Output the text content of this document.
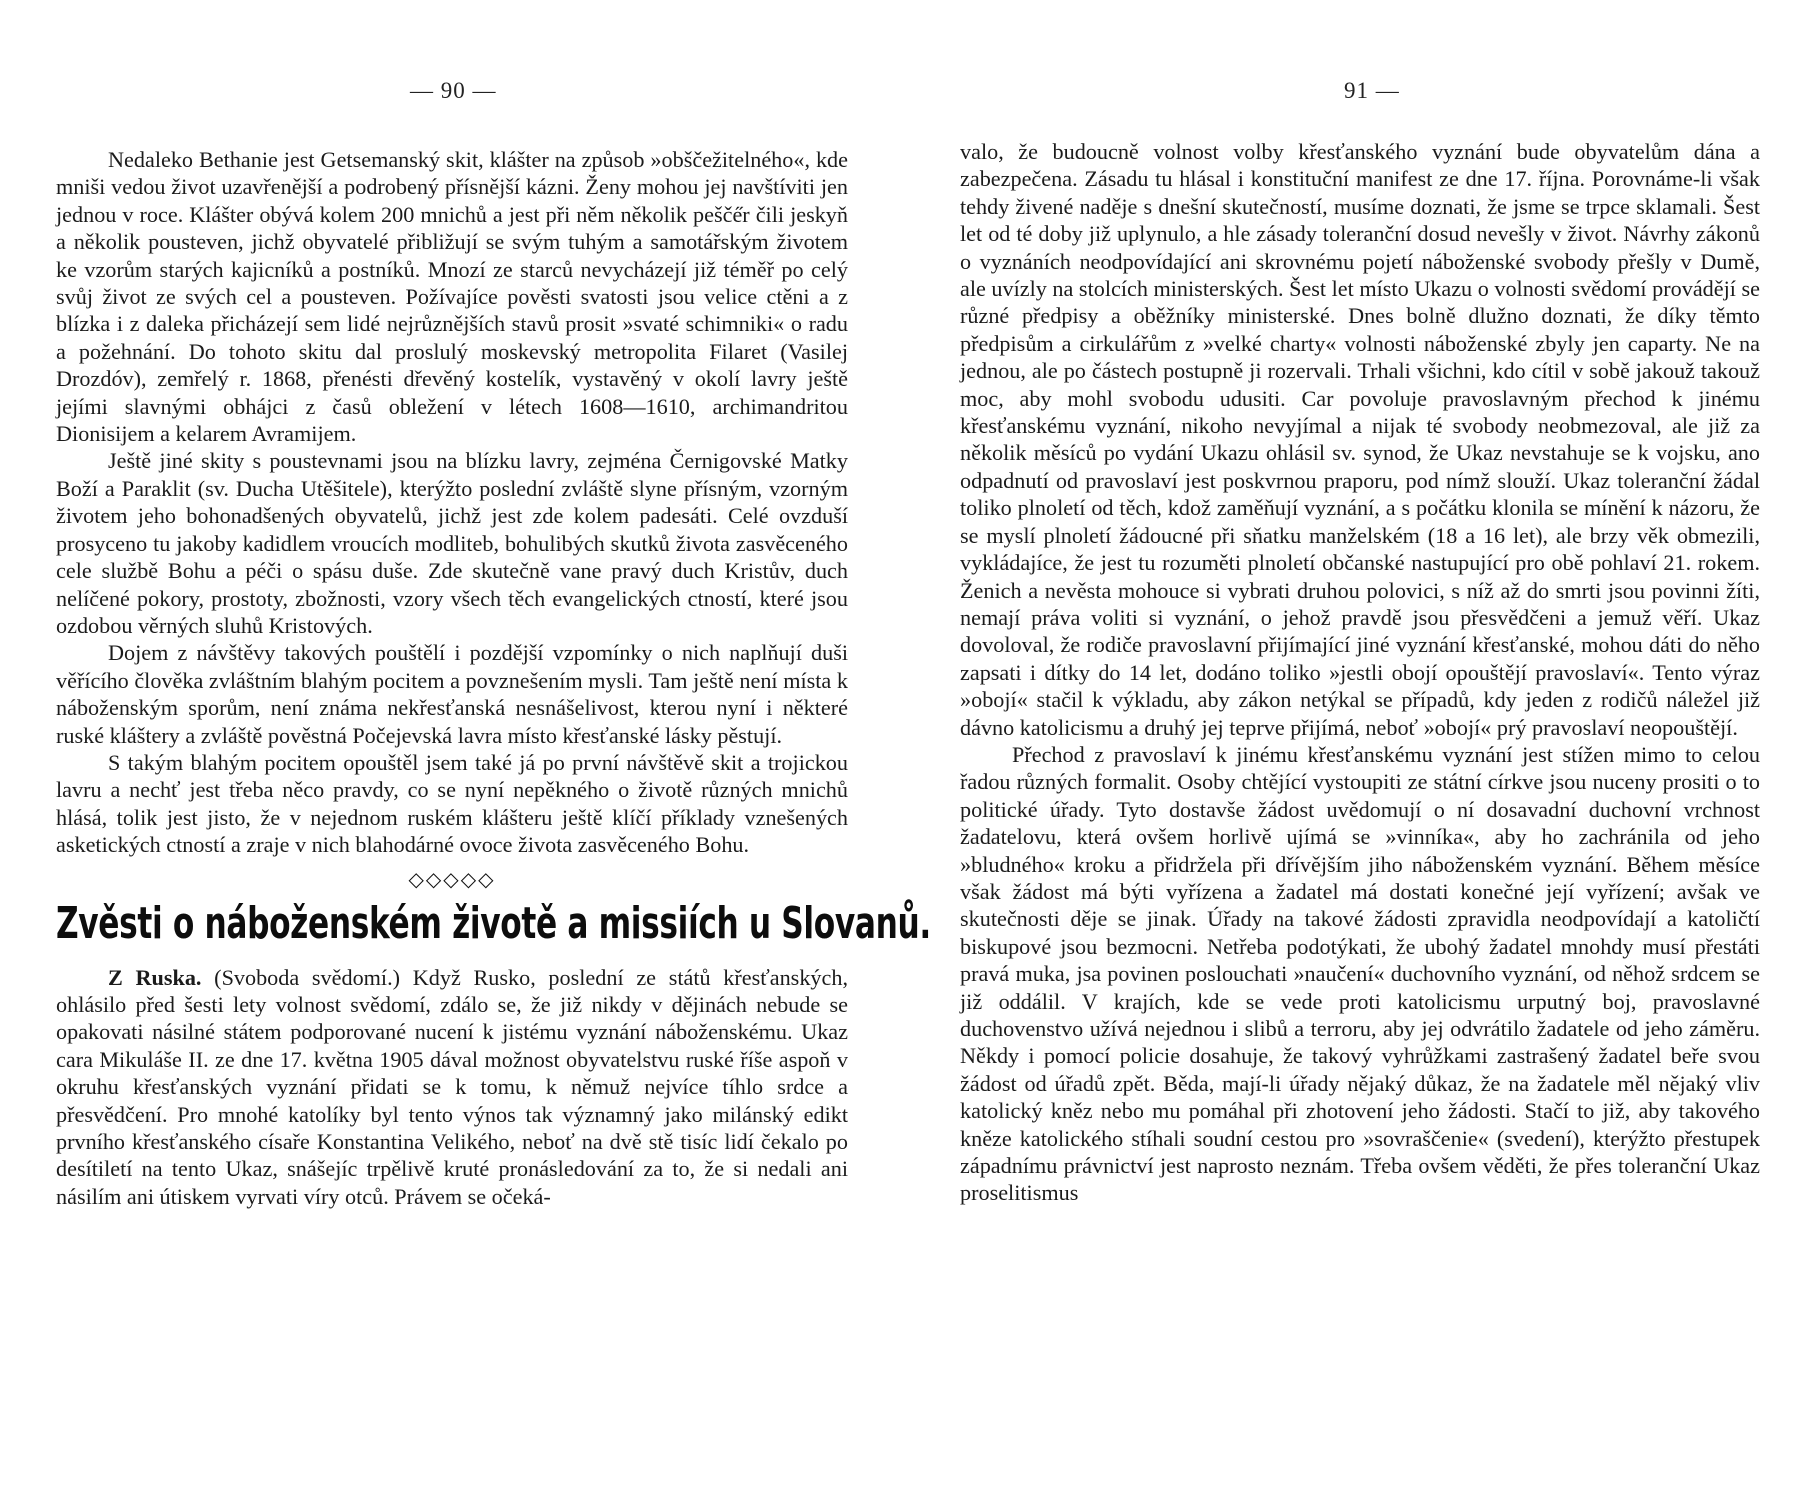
— 90 —

Nedaleko Bethanie jest Getsemanský skit, klášter na způsob »obščežitelného«, kde mniši vedou život uzavřenější a podrobený přísnější kázni. Ženy mohou jej navštíviti jen jednou v roce. Klášter obývá kolem 200 mnichů a jest při něm několik pešče̋r čili jeskyň a několik pousteven, jichž obyvatelé přibližují se svým tuhým a samotářským životem ke vzorům starých kajicníků a postníků. Mnozí ze starců nevycházejí již téměř po celý svůj život ze svých cel a pousteven. Požívajíce pověsti svatosti jsou velice ctěni a z blízka i z daleka přicházejí sem lidé nejrůznějších stavů prosit »svaté schimniki« o radu a požehnání. Do tohoto skitu dal proslulý moskevský metropolita Filaret (Vasilej Drozdóv), zemřelý r. 1868, přenésti dřevěný kostelík, vystavěný v okolí lavry ještě jejími slavnými obhájci z časů obležení v létech 1608—1610, archimandritou Dionisijem a kelarem Avramijem.

Ještě jiné skity s poustevnami jsou na blízku lavry, zejména Černigovské Matky Boží a Paraklit (sv. Ducha Utěšitele), kterýžto poslední zvláště slyne přísným, vzorným životem jeho bohonadšených obyvatelů, jichž jest zde kolem padesáti. Celé ovzduší prosyceno tu jakoby kadidlem vroucích modliteb, bohulibých skutků života zasvěceného cele službě Bohu a péči o spásu duše. Zde skutečně vane pravý duch Kristův, duch nelíčené pokory, prostoty, zbožnosti, vzory všech těch evangelických ctností, které jsou ozdobou věrných sluhů Kristových.

Dojem z návštěvy takových pouštělí i pozdější vzpomínky o nich naplňují duši věřícího člověka zvláštním blahým pocitem a povznešením mysli. Tam ještě není místa k náboženským sporům, není známa nekřesťanská nesnášelivost, kterou nyní i některé ruské kláštery a zvláště pověstná Počejevská lavra místo křesťanské lásky pěstují.

S takým blahým pocitem opouštěl jsem také já po první návštěvě skit a trojickou lavru a nechť jest třeba něco pravdy, co se nyní nepěkného o životě různých mnichů hlásá, tolik jest jisto, že v nejednom ruském klášteru ještě klíčí příklady vznešených asketických ctností a zraje v nich blahodárné ovoce života zasvěceného Bohu.

◇◇◇◇◇
Zvěsti o náboženském životě a missiích u Slovanů.

Z Ruska. (Svoboda svědomí.) Když Rusko, poslední ze států křesťanských, ohlásilo před šesti lety volnost svědomí, zdálo se, že již nikdy v dějinách nebude se opakovati násilné státem podporované nucení k jistému vyznání náboženskému. Ukaz cara Mikuláše II. ze dne 17. května 1905 dával možnost obyvatelstvu ruské říše aspoň v okruhu křesťanských vyznání přidati se k tomu, k němuž nejvíce tíhlo srdce a přesvědčení. Pro mnohé katolíky byl tento výnos tak významný jako milánský edikt prvního křesťanského císaře Konstantina Velikého, neboť na dvě stě tisíc lidí čekalo po desítiletí na tento Ukaz, snášejíc trpělivě kruté pronásledování za to, že si nedali ani násilím ani útiskem vyrvati víry otců. Právem se očeká-

91 —

valo, že budoucně volnost volby křesťanského vyznání bude obyvatelům dána a zabezpečena. Zásadu tu hlásal i konstituční manifest ze dne 17. října. Porovnáme-li však tehdy živené naděje s dnešní skutečností, musíme doznati, že jsme se trpce sklamali. Šest let od té doby již uplynulo, a hle zásady toleranční dosud nevešly v život. Návrhy zákonů o vyznáních neodpovídající ani skrovnému pojetí náboženské svobody přešly v Dumě, ale uvízly na stolcích ministerských. Šest let místo Ukazu o volnosti svědomí provádějí se různé předpisy a oběžníky ministerské. Dnes bolně dlužno doznati, že díky těmto předpisům a cirkulářům z »velké charty« volnosti náboženské zbyly jen caparty. Ne na jednou, ale po částech postupně ji rozervali. Trhali všichni, kdo cítil v sobě jakouž takouž moc, aby mohl svobodu udusiti. Car povoluje pravoslavným přechod k jinému křesťanskému vyznání, nikoho nevyjímal a nijak té svobody neobmezoval, ale již za několik měsíců po vydání Ukazu ohlásil sv. synod, že Ukaz nevstahuje se k vojsku, ano odpadnutí od pravoslaví jest poskvrnou praporu, pod nímž slouží. Ukaz toleranční žádal toliko plnoletí od těch, kdož zaměňují vyznání, a s počátku klonila se mínění k názoru, že se myslí plnoletí žádoucné při sňatku manželském (18 a 16 let), ale brzy věk obmezili, vykládajíce, že jest tu rozuměti plnoletí občanské nastupující pro obě pohlaví 21. rokem. Ženich a nevěsta mohouce si vybrati druhou polovici, s níž až do smrti jsou povinni žíti, nemají práva voliti si vyznání, o jehož pravdě jsou přesvědčeni a jemuž věří. Ukaz dovoloval, že rodiče pravoslavní přijímající jiné vyznání křesťanské, mohou dáti do něho zapsati i dítky do 14 let, dodáno toliko »jestli obojí opouštějí pravoslaví«. Tento výraz »obojí« stačil k výkladu, aby zákon netýkal se případů, kdy jeden z rodičů náležel již dávno katolicismu a druhý jej teprve přijímá, neboť »obojí« prý pravoslaví neopouštějí.

Přechod z pravoslaví k jinému křesťanskému vyznání jest stížen mimo to celou řadou různých formalit. Osoby chtějící vystoupiti ze státní církve jsou nuceny prositi o to politické úřady. Tyto dostavše žádost uvědomují o ní dosavadní duchovní vrchnost žadatelovu, která ovšem horlivě ujímá se »vinníka«, aby ho zachránila od jeho »bludného« kroku a přidržela při dřívějším jiho náboženském vyznání. Během měsíce však žádost má býti vyřízena a žadatel má dostati konečné její vyřízení; avšak ve skutečnosti děje se jinak. Úřady na takové žádosti zpravidla neodpovídají a katoličtí biskupové jsou bezmocni. Netřeba podotýkati, že ubohý žadatel mnohdy musí přestáti pravá muka, jsa povinen poslouchati »naučení« duchovního vyznání, od něhož srdcem se již oddálil. V krajích, kde se vede proti katolicismu urputný boj, pravoslavné duchovenstvo užívá nejednou i slibů a terroru, aby jej odvrátilo žadatele od jeho záměru. Někdy i pomocí policie dosahuje, že takový vyhrůžkami zastrašený žadatel beře svou žádost od úřadů zpět. Běda, mají-li úřady nějaký důkaz, že na žadatele měl nějaký vliv katolický kněz nebo mu pomáhal při zhotovení jeho žádosti. Stačí to již, aby takového kněze katolického stíhali soudní cestou pro »sovraščenie« (svedení), kterýžto přestupek západnímu právnictví jest naprosto neznám. Třeba ovšem věděti, že přes toleranční Ukaz proselitismus
